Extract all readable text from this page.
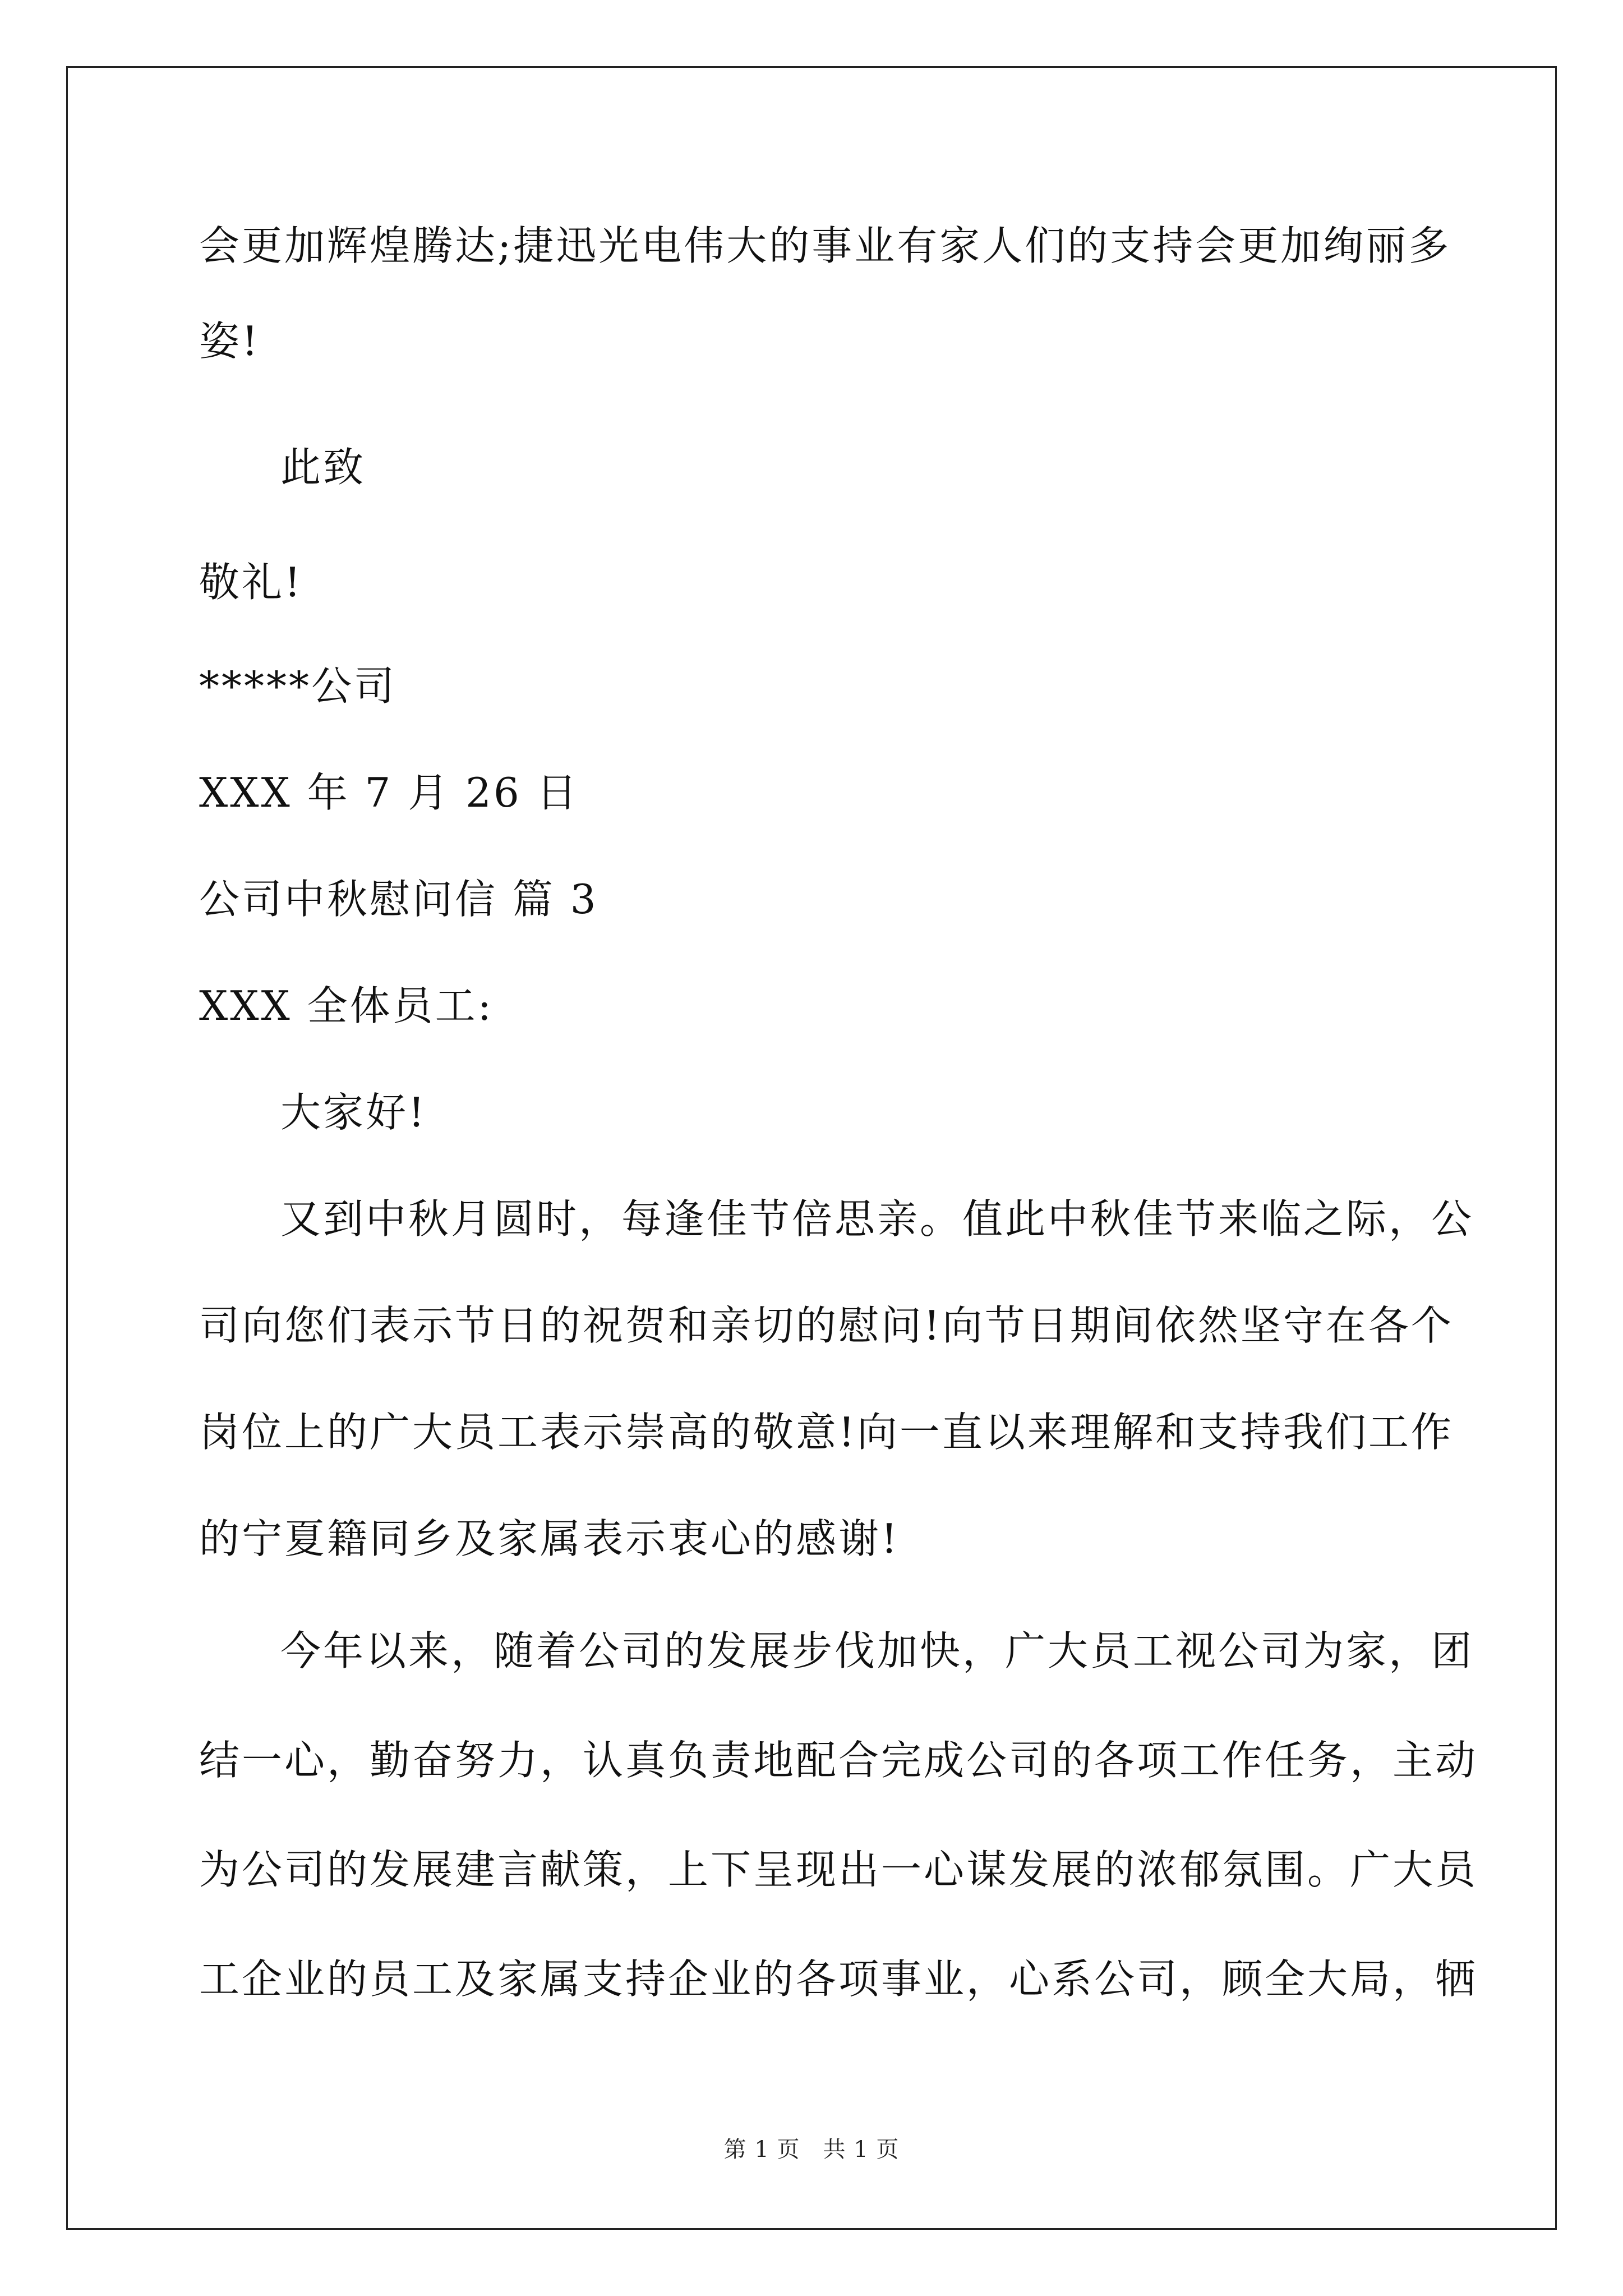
会更加辉煌腾达;捷迅光电伟大的事业有家人们的支持会更加绚丽多
姿!
此致
敬礼!
*****公司
XXX 年 7 月 26 日
公司中秋慰问信 篇 3
XXX 全体员工:
大家好!
又到中秋月圆时，每逢佳节倍思亲。值此中秋佳节来临之际，公
司向您们表示节日的祝贺和亲切的慰问!向节日期间依然坚守在各个
岗位上的广大员工表示崇高的敬意!向一直以来理解和支持我们工作
的宁夏籍同乡及家属表示衷心的感谢!
今年以来，随着公司的发展步伐加快，广大员工视公司为家，团
结一心，勤奋努力，认真负责地配合完成公司的各项工作任务，主动
为公司的发展建言献策，上下呈现出一心谋发展的浓郁氛围。广大员
工企业的员工及家属支持企业的各项事业，心系公司，顾全大局，牺
第 1 页　共 1 页
